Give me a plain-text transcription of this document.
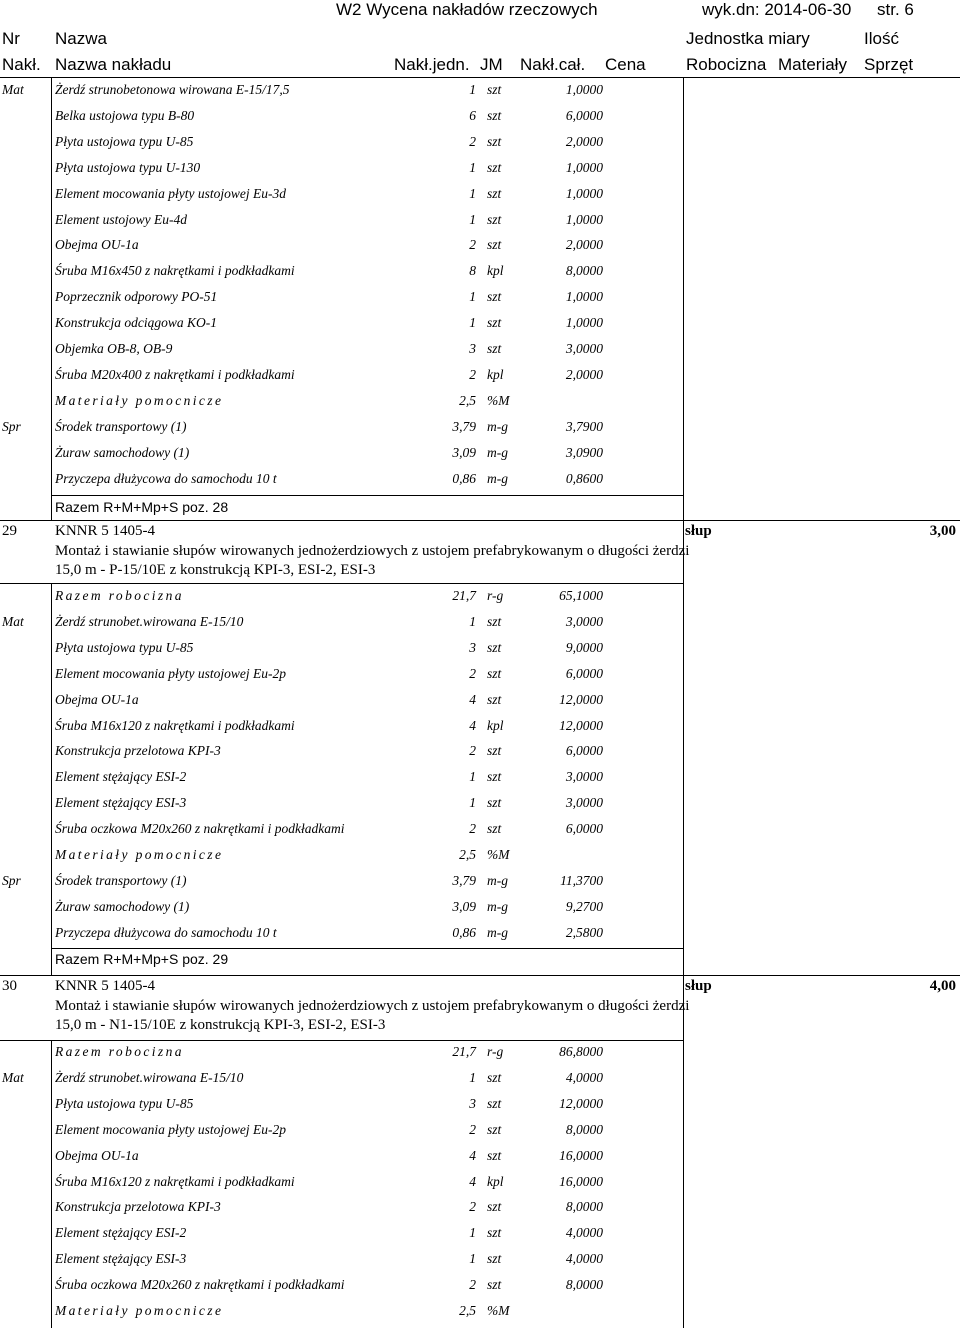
W2 Wycena nakładów rzeczowych	wyk.dn: 2014-06-30 str. 6
Nr Nazwa	Jednostka miary	Ilość
Nakł. Nazwa nakładu	Nakł.jedn. JM Nakł.cał. Cena Robocizna Materiały Sprzęt
Mat Żerdź strunobetonowa wirowana E-15/17,5	1 szt	1,0000
Belka ustojowa typu B-80	6 szt	6,0000
Płyta ustojowa typu U-85	2 szt	2,0000
Płyta ustojowa typu U-130	1 szt	1,0000
Element mocowania płyty ustojowej Eu-3d	1 szt	1,0000
Element ustojowy Eu-4d	1 szt	1,0000
Obejma OU-1a	2 szt	2,0000
Śruba M16x450 z nakrętkami i podkładkami	8 kpl	8,0000
Poprzecznik odporowy PO-51	1 szt	1,0000
Konstrukcja odciągowa KO-1	1 szt	1,0000
Objemka OB-8, OB-9	3 szt	3,0000
Śruba M20x400 z nakrętkami i podkładkami	2 kpl	2,0000
Materiały pomocnicze	2,5 %M
Spr	Środek transportowy (1)	3,79 m-g	3,7900
Żuraw samochodowy (1)	3,09 m-g	3,0900
Przyczepa dłużycowa do samochodu 10 t	0,86 m-g	0,8600
Razem R+M+Mp+S poz. 28
29	KNNR 5 1405-4
Montaż i stawianie słupów wirowanych jednożerdziowych z ustojem prefabrykowanym o długości żerdzi 15,0 m - P-15/10E z konstrukcją KPI-3, ESI-2, ESI-3
słup	3,00
Razem robocizna	21,7 r-g	65,1000
Mat Żerdź strunobet.wirowana E-15/10	1 szt	3,0000
Płyta ustojowa typu U-85	3 szt	9,0000
Element mocowania płyty ustojowej Eu-2p	2 szt	6,0000
Obejma OU-1a	4 szt	12,0000
Śruba M16x120 z nakrętkami i podkładkami	4 kpl	12,0000
Konstrukcja przelotowa KPI-3	2 szt	6,0000
Element stężający ESI-2	1 szt	3,0000
Element stężający ESI-3	1 szt	3,0000
Śruba oczkowa M20x260 z nakrętkami i podkładkami	2 szt	6,0000
Materiały pomocnicze	2,5 %M
Spr	Środek transportowy (1)	3,79 m-g	11,3700
Żuraw samochodowy (1)	3,09 m-g	9,2700
Przyczepa dłużycowa do samochodu 10 t	0,86 m-g	2,5800
Razem R+M+Mp+S poz. 29
30	KNNR 5 1405-4
Montaż i stawianie słupów wirowanych jednożerdziowych z ustojem prefabrykowanym o długości żerdzi 15,0 m - N1-15/10E z konstrukcją KPI-3, ESI-2, ESI-3
słup	4,00
Razem robocizna	21,7 r-g	86,8000
Mat Żerdź strunobet.wirowana E-15/10	1 szt	4,0000
Płyta ustojowa typu U-85	3 szt	12,0000
Element mocowania płyty ustojowej Eu-2p	2 szt	8,0000
Obejma OU-1a	4 szt	16,0000
Śruba M16x120 z nakrętkami i podkładkami	4 kpl	16,0000
Konstrukcja przelotowa KPI-3	2 szt	8,0000
Element stężający ESI-2	1 szt	4,0000
Element stężający ESI-3	1 szt	4,0000
Śruba oczkowa M20x260 z nakrętkami i podkładkami	2 szt	8,0000
Materiały pomocnicze	2,5 %M
